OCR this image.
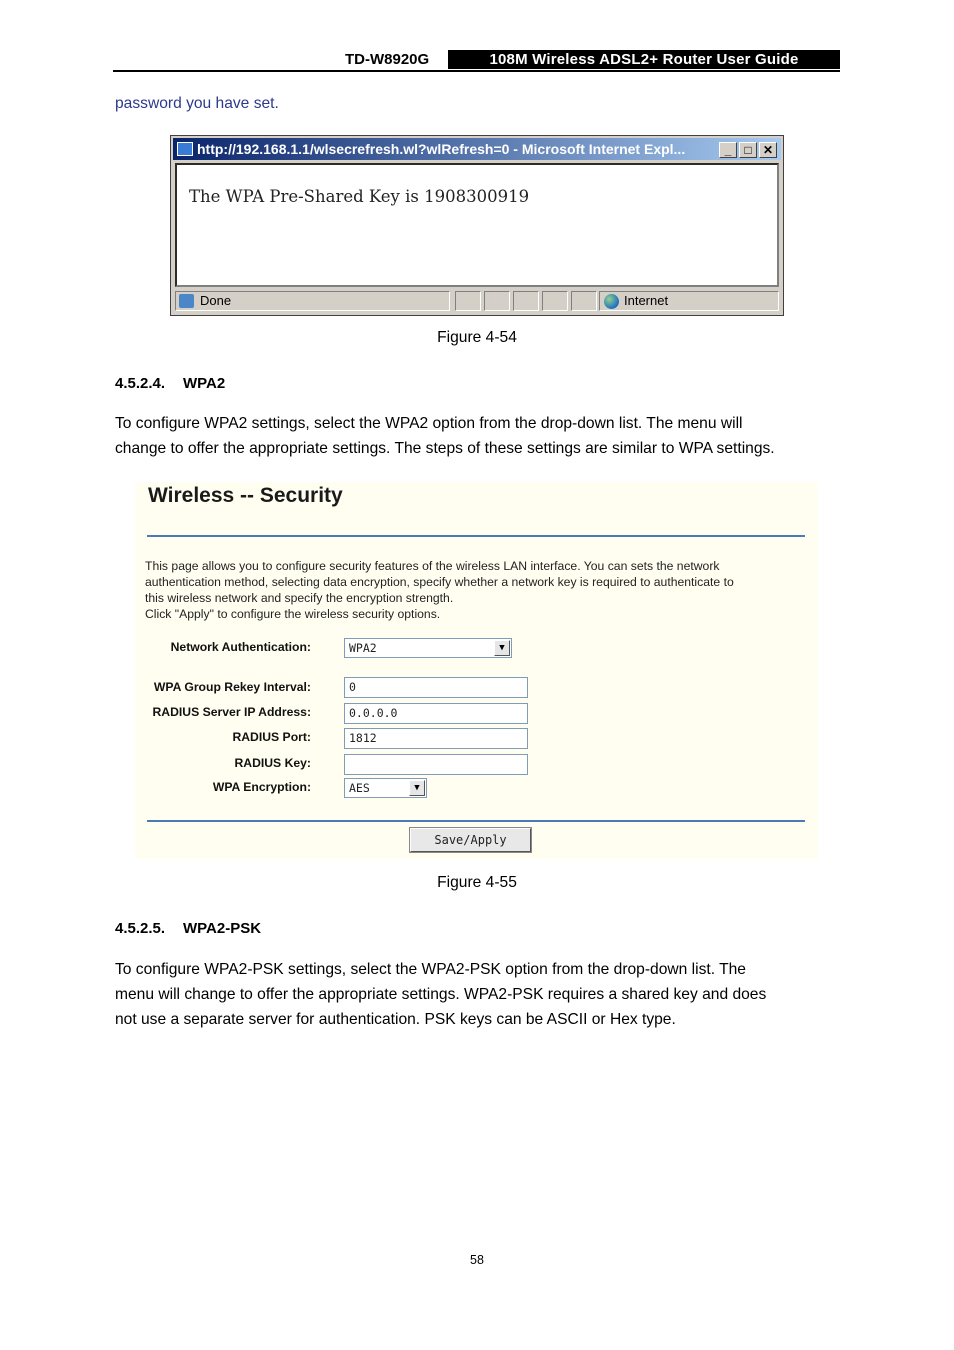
TD-W8920G	108M Wireless ADSL2+ Router User Guide
password you have set.
http://192.168.1.1/wlsecrefresh.wl?wlRefresh=0 - Microsoft Internet Expl...	_	□ ✕
The WPA Pre-Shared Key is 1908300919
Done	Internet
Figure 4-54
4.5.2.4. WPA2
To configure WPA2 settings, select the WPA2 option from the drop-down list. The menu will
change to offer the appropriate settings. The steps of these settings are similar to WPA settings.
Wireless -- Security
This page allows you to configure security features of the wireless LAN interface. You can sets the network
authentication method, selecting data encryption, specify whether a network key is required to authenticate to
this wireless network and specify the encryption strength.
Click "Apply" to configure the wireless security options.
Network Authentication:	WPA2	▼
WPA Group Rekey Interval:	0
RADIUS Server IP Address:	0.0.0.0
RADIUS Port:	1812
RADIUS Key:
WPA Encryption:	AES	▼
Save/Apply
Figure 4-55
4.5.2.5. WPA2-PSK
To configure WPA2-PSK settings, select the WPA2-PSK option from the drop-down list. The
menu will change to offer the appropriate settings. WPA2-PSK requires a shared key and does
not use a separate server for authentication. PSK keys can be ASCII or Hex type.
58
